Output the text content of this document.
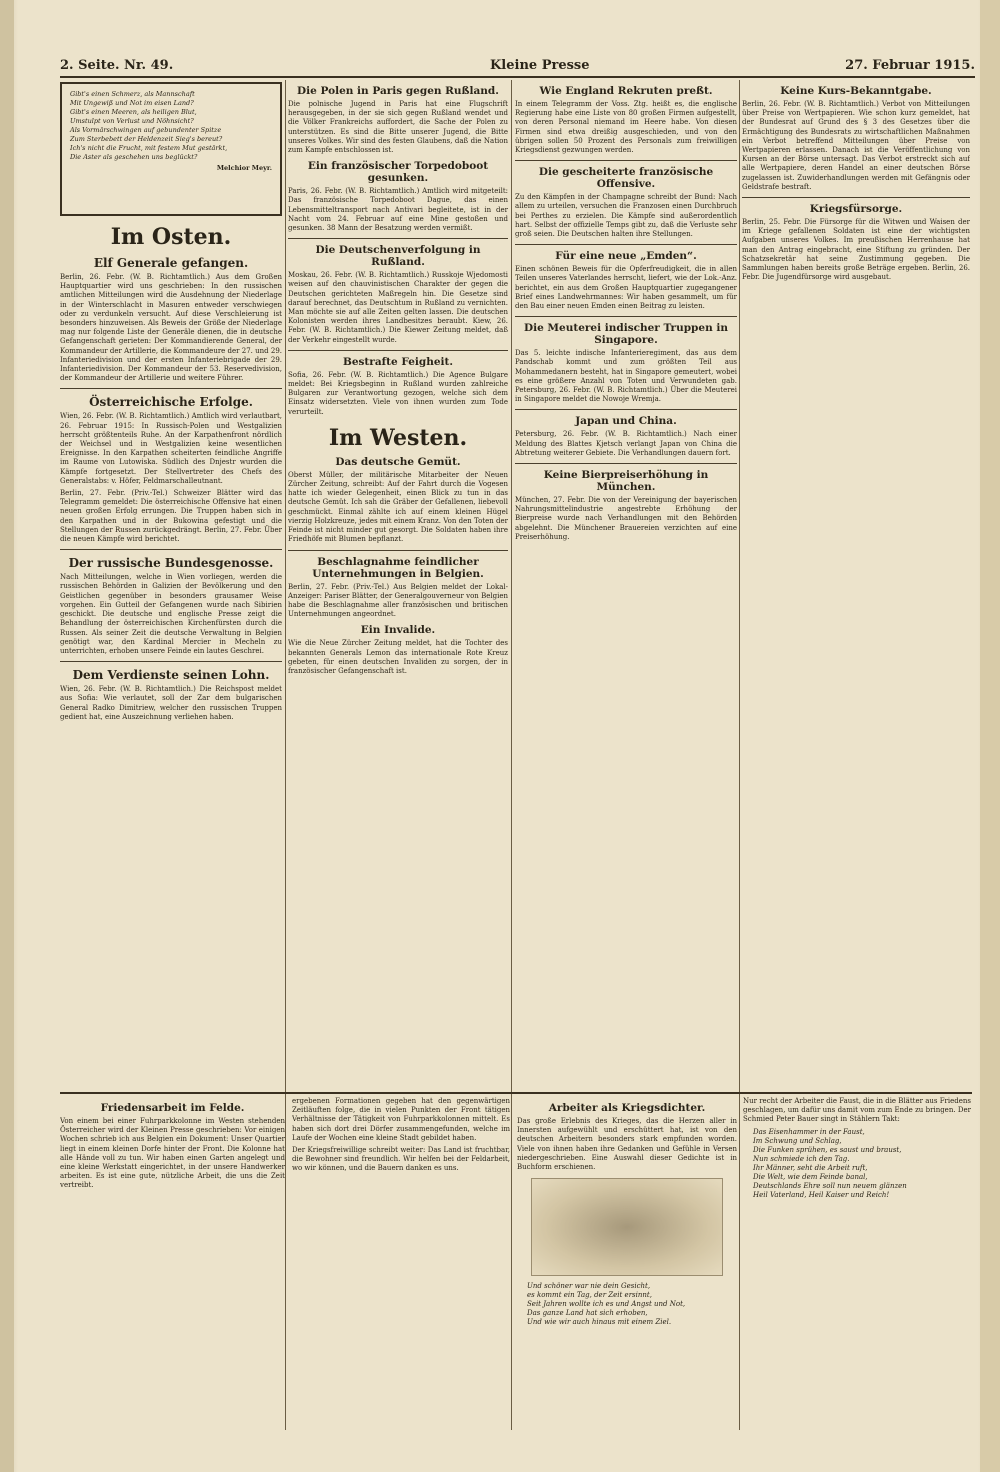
2. Seite. Nr. 49.	Kleine Presse	27. Februar 1915.
Gibt's einen Schmerz, als Mannschaft
Mit Ungewiß und Not im eisen Land?
Gibt's einen Meeren, als heiligen Blut,
Umstulpt von Verlust und Nöhnsicht?
Als Vormärschwingen auf gebundenter Spitze
Zum Sterbebett der Heldenzeit Sieg's bereut?
Ich's nicht die Frucht, mit festem Mut gestärkt,
Die Aster als geschehen uns beglückt?
Melchior Meyr.
Im Osten.
Elf Generale gefangen.

Berlin, 26. Febr. (W. B. Richtamtlich.) Aus dem Großen Hauptquartier wird uns geschrieben: In den russischen amtlichen Mitteilungen wird die Ausdehnung der Niederlage in der Winterschlacht in Masuren entweder verschwiegen oder zu verdunkeln versucht. Auf diese Verschleierung ist besonders hinzuweisen. Als Beweis der Größe der Niederlage mag nur folgende Liste der Generäle dienen, die in deutsche Gefangenschaft gerieten: Der Kommandierende General, der Kommandeur der Artillerie, die Kommandeure der 27. und 29. Infanteriedivision und der ersten Infanteriebrigade der 29. Infanteriedivision. Der Kommandeur der 53. Reservedivision, der Kommandeur der Artillerie und weitere Führer.

Österreichische Erfolge.

Wien, 26. Febr. (W. B. Richtamtlich.) Amtlich wird verlautbart, 26. Februar 1915: In Russisch-Polen und Westgalizien herrscht größtenteils Ruhe. An der Karpathenfront nördlich der Weichsel und in Westgalizien keine wesentlichen Ereignisse. In den Karpathen scheiterten feindliche Angriffe im Raume von Lutowiska. Südlich des Dnjestr wurden die Kämpfe fortgesetzt. Der Stellvertreter des Chefs des Generalstabs: v. Höfer, Feldmarschalleutnant.

Berlin, 27. Febr. (Priv.-Tel.) Schweizer Blätter wird das Telegramm gemeldet: Die österreichische Offensive hat einen neuen großen Erfolg errungen. Die Truppen haben sich in den Karpathen und in der Bukowina gefestigt und die Stellungen der Russen zurückgedrängt. Berlin, 27. Febr. Über die neuen Kämpfe wird berichtet.

Der russische Bundesgenosse.

Nach Mitteilungen, welche in Wien vorliegen, werden die russischen Behörden in Galizien der Bevölkerung und den Geistlichen gegenüber in besonders grausamer Weise vorgehen. Ein Gutteil der Gefangenen wurde nach Sibirien geschickt. Die deutsche und englische Presse zeigt die Behandlung der österreichischen Kirchenfürsten durch die Russen. Als seiner Zeit die deutsche Verwaltung in Belgien genötigt war, den Kardinal Mercier in Mecheln zu unterrichten, erhoben unsere Feinde ein lautes Geschrei.

Dem Verdienste seinen Lohn.

Wien, 26. Febr. (W. B. Richtamtlich.) Die Reichspost meldet aus Sofia: Wie verlautet, soll der Zar dem bulgarischen General Radko Dimitriew, welcher den russischen Truppen gedient hat, eine Auszeichnung verliehen haben.

Die Polen in Paris gegen Rußland.

Die polnische Jugend in Paris hat eine Flugschrift herausgegeben, in der sie sich gegen Rußland wendet und die Völker Frankreichs auffordert, die Sache der Polen zu unterstützen. Es sind die Bitte unserer Jugend, die Bitte unseres Volkes. Wir sind des festen Glaubens, daß die Nation zum Kampfe entschlossen ist.

Ein französischer Torpedoboot gesunken.

Paris, 26. Febr. (W. B. Richtamtlich.) Amtlich wird mitgeteilt: Das französische Torpedoboot Dague, das einen Lebensmitteltransport nach Antivari begleitete, ist in der Nacht vom 24. Februar auf eine Mine gestoßen und gesunken. 38 Mann der Besatzung werden vermißt.

Die Deutschenverfolgung in Rußland.

Moskau, 26. Febr. (W. B. Richtamtlich.) Russkoje Wjedomosti weisen auf den chauvinistischen Charakter der gegen die Deutschen gerichteten Maßregeln hin. Die Gesetze sind darauf berechnet, das Deutschtum in Rußland zu vernichten. Man möchte sie auf alle Zeiten gelten lassen. Die deutschen Kolonisten werden ihres Landbesitzes beraubt. Kiew, 26. Febr. (W. B. Richtamtlich.) Die Kiewer Zeitung meldet, daß der Verkehr eingestellt wurde.

Bestrafte Feigheit.

Sofia, 26. Febr. (W. B. Richtamtlich.) Die Agence Bulgare meldet: Bei Kriegsbeginn in Rußland wurden zahlreiche Bulgaren zur Verantwortung gezogen, welche sich dem Einsatz widersetzten. Viele von ihnen wurden zum Tode verurteilt.

Im Westen.
Das deutsche Gemüt.

Oberst Müller, der militärische Mitarbeiter der Neuen Zürcher Zeitung, schreibt: Auf der Fahrt durch die Vogesen hatte ich wieder Gelegenheit, einen Blick zu tun in das deutsche Gemüt. Ich sah die Gräber der Gefallenen, liebevoll geschmückt. Einmal zählte ich auf einem kleinen Hügel vierzig Holzkreuze, jedes mit einem Kranz. Von den Toten der Feinde ist nicht minder gut gesorgt. Die Soldaten haben ihre Friedhöfe mit Blumen bepflanzt.

Beschlagnahme feindlicher Unternehmungen in Belgien.

Berlin, 27. Febr. (Priv.-Tel.) Aus Belgien meldet der Lokal-Anzeiger: Pariser Blätter, der Generalgouverneur von Belgien habe die Beschlagnahme aller französischen und britischen Unternehmungen angeordnet.

Ein Invalide.

Wie die Neue Zürcher Zeitung meldet, hat die Tochter des bekannten Generals Lemon das internationale Rote Kreuz gebeten, für einen deutschen Invaliden zu sorgen, der in französischer Gefangenschaft ist.

Wie England Rekruten preßt.

In einem Telegramm der Voss. Ztg. heißt es, die englische Regierung habe eine Liste von 80 großen Firmen aufgestellt, von deren Personal niemand im Heere habe. Von diesen Firmen sind etwa dreißig ausgeschieden, und von den übrigen sollen 50 Prozent des Personals zum freiwilligen Kriegsdienst gezwungen werden.

Die gescheiterte französische Offensive.

Zu den Kämpfen in der Champagne schreibt der Bund: Nach allem zu urteilen, versuchen die Franzosen einen Durchbruch bei Perthes zu erzielen. Die Kämpfe sind außerordentlich hart. Selbst der offizielle Temps gibt zu, daß die Verluste sehr groß seien. Die Deutschen halten ihre Stellungen.

Für eine neue „Emden“.

Einen schönen Beweis für die Opferfreudigkeit, die in allen Teilen unseres Vaterlandes herrscht, liefert, wie der Lok.-Anz. berichtet, ein aus dem Großen Hauptquartier zugegangener Brief eines Landwehrmannes: Wir haben gesammelt, um für den Bau einer neuen Emden einen Beitrag zu leisten.

Die Meuterei indischer Truppen in Singapore.

Das 5. leichte indische Infanterieregiment, das aus dem Pandschab kommt und zum größten Teil aus Mohammedanern besteht, hat in Singapore gemeutert, wobei es eine größere Anzahl von Toten und Verwundeten gab. Petersburg, 26. Febr. (W. B. Richtamtlich.) Über die Meuterei in Singapore meldet die Nowoje Wremja.

Japan und China.

Petersburg, 26. Febr. (W. B. Richtamtlich.) Nach einer Meldung des Blattes Kjetsch verlangt Japan von China die Abtretung weiterer Gebiete. Die Verhandlungen dauern fort.

Keine Bierpreiserhöhung in München.

München, 27. Febr. Die von der Vereinigung der bayerischen Nahrungsmittelindustrie angestrebte Erhöhung der Bierpreise wurde nach Verhandlungen mit den Behörden abgelehnt. Die Münchener Brauereien verzichten auf eine Preiserhöhung.

Keine Kurs-Bekanntgabe.

Berlin, 26. Febr. (W. B. Richtamtlich.) Verbot von Mitteilungen über Preise von Wertpapieren. Wie schon kurz gemeldet, hat der Bundesrat auf Grund des § 3 des Gesetzes über die Ermächtigung des Bundesrats zu wirtschaftlichen Maßnahmen ein Verbot betreffend Mitteilungen über Preise von Wertpapieren erlassen. Danach ist die Veröffentlichung von Kursen an der Börse untersagt. Das Verbot erstreckt sich auf alle Wertpapiere, deren Handel an einer deutschen Börse zugelassen ist. Zuwiderhandlungen werden mit Gefängnis oder Geldstrafe bestraft.

Kriegsfürsorge.

Berlin, 25. Febr. Die Fürsorge für die Witwen und Waisen der im Kriege gefallenen Soldaten ist eine der wichtigsten Aufgaben unseres Volkes. Im preußischen Herrenhause hat man den Antrag eingebracht, eine Stiftung zu gründen. Der Schatzsekretär hat seine Zustimmung gegeben. Die Sammlungen haben bereits große Beträge ergeben. Berlin, 26. Febr. Die Jugendfürsorge wird ausgebaut.

Friedensarbeit im Felde.

Von einem bei einer Fuhrparkkolonne im Westen stehenden Österreicher wird der Kleinen Presse geschrieben: Vor einigen Wochen schrieb ich aus Belgien ein Dokument: Unser Quartier liegt in einem kleinen Dorfe hinter der Front. Die Kolonne hat alle Hände voll zu tun. Wir haben einen Garten angelegt und eine kleine Werkstatt eingerichtet, in der unsere Handwerker arbeiten. Es ist eine gute, nützliche Arbeit, die uns die Zeit vertreibt.

ergebenen Formationen gegeben hat den gegenwärtigen Zeitläuften folge, die in vielen Punkten der Front tätigen Verhältnisse der Tätigkeit von Fuhrparkkolonnen mittelt. Es haben sich dort drei Dörfer zusammengefunden, welche im Laufe der Wochen eine kleine Stadt gebildet haben.

Der Kriegsfreiwillige schreibt weiter: Das Land ist fruchtbar, die Bewohner sind freundlich. Wir helfen bei der Feldarbeit, wo wir können, und die Bauern danken es uns.

Arbeiter als Kriegsdichter.

Das große Erlebnis des Krieges, das die Herzen aller in Innersten aufgewühlt und erschüttert hat, ist von den deutschen Arbeitern besonders stark empfunden worden. Viele von ihnen haben ihre Gedanken und Gefühle in Versen niedergeschrieben. Eine Auswahl dieser Gedichte ist in Buchform erschienen.

Und schöner war nie dein Gesicht,
es kommt ein Tag, der Zeit ersinnt,
Seit Jahren wollte ich es und Angst und Not,
Das ganze Land hat sich erhoben,
Und wie wir auch hinaus mit einem Ziel.

Nur recht der Arbeiter die Faust, die in die Blätter aus Friedens geschlagen, um dafür uns damit vom zum Ende zu bringen. Der Schmied Peter Bauer singt in Stählern Takt:

Das Eisenhammer in der Faust,
Im Schwung und Schlag,
Die Funken sprühen, es saust und braust,
Nun schmiede ich den Tag.
Ihr Männer, seht die Arbeit ruft,
Die Welt, wie dem Feinde banal,
Deutschlands Ehre soll nun neuem glänzen
Heil Vaterland, Heil Kaiser und Reich!
